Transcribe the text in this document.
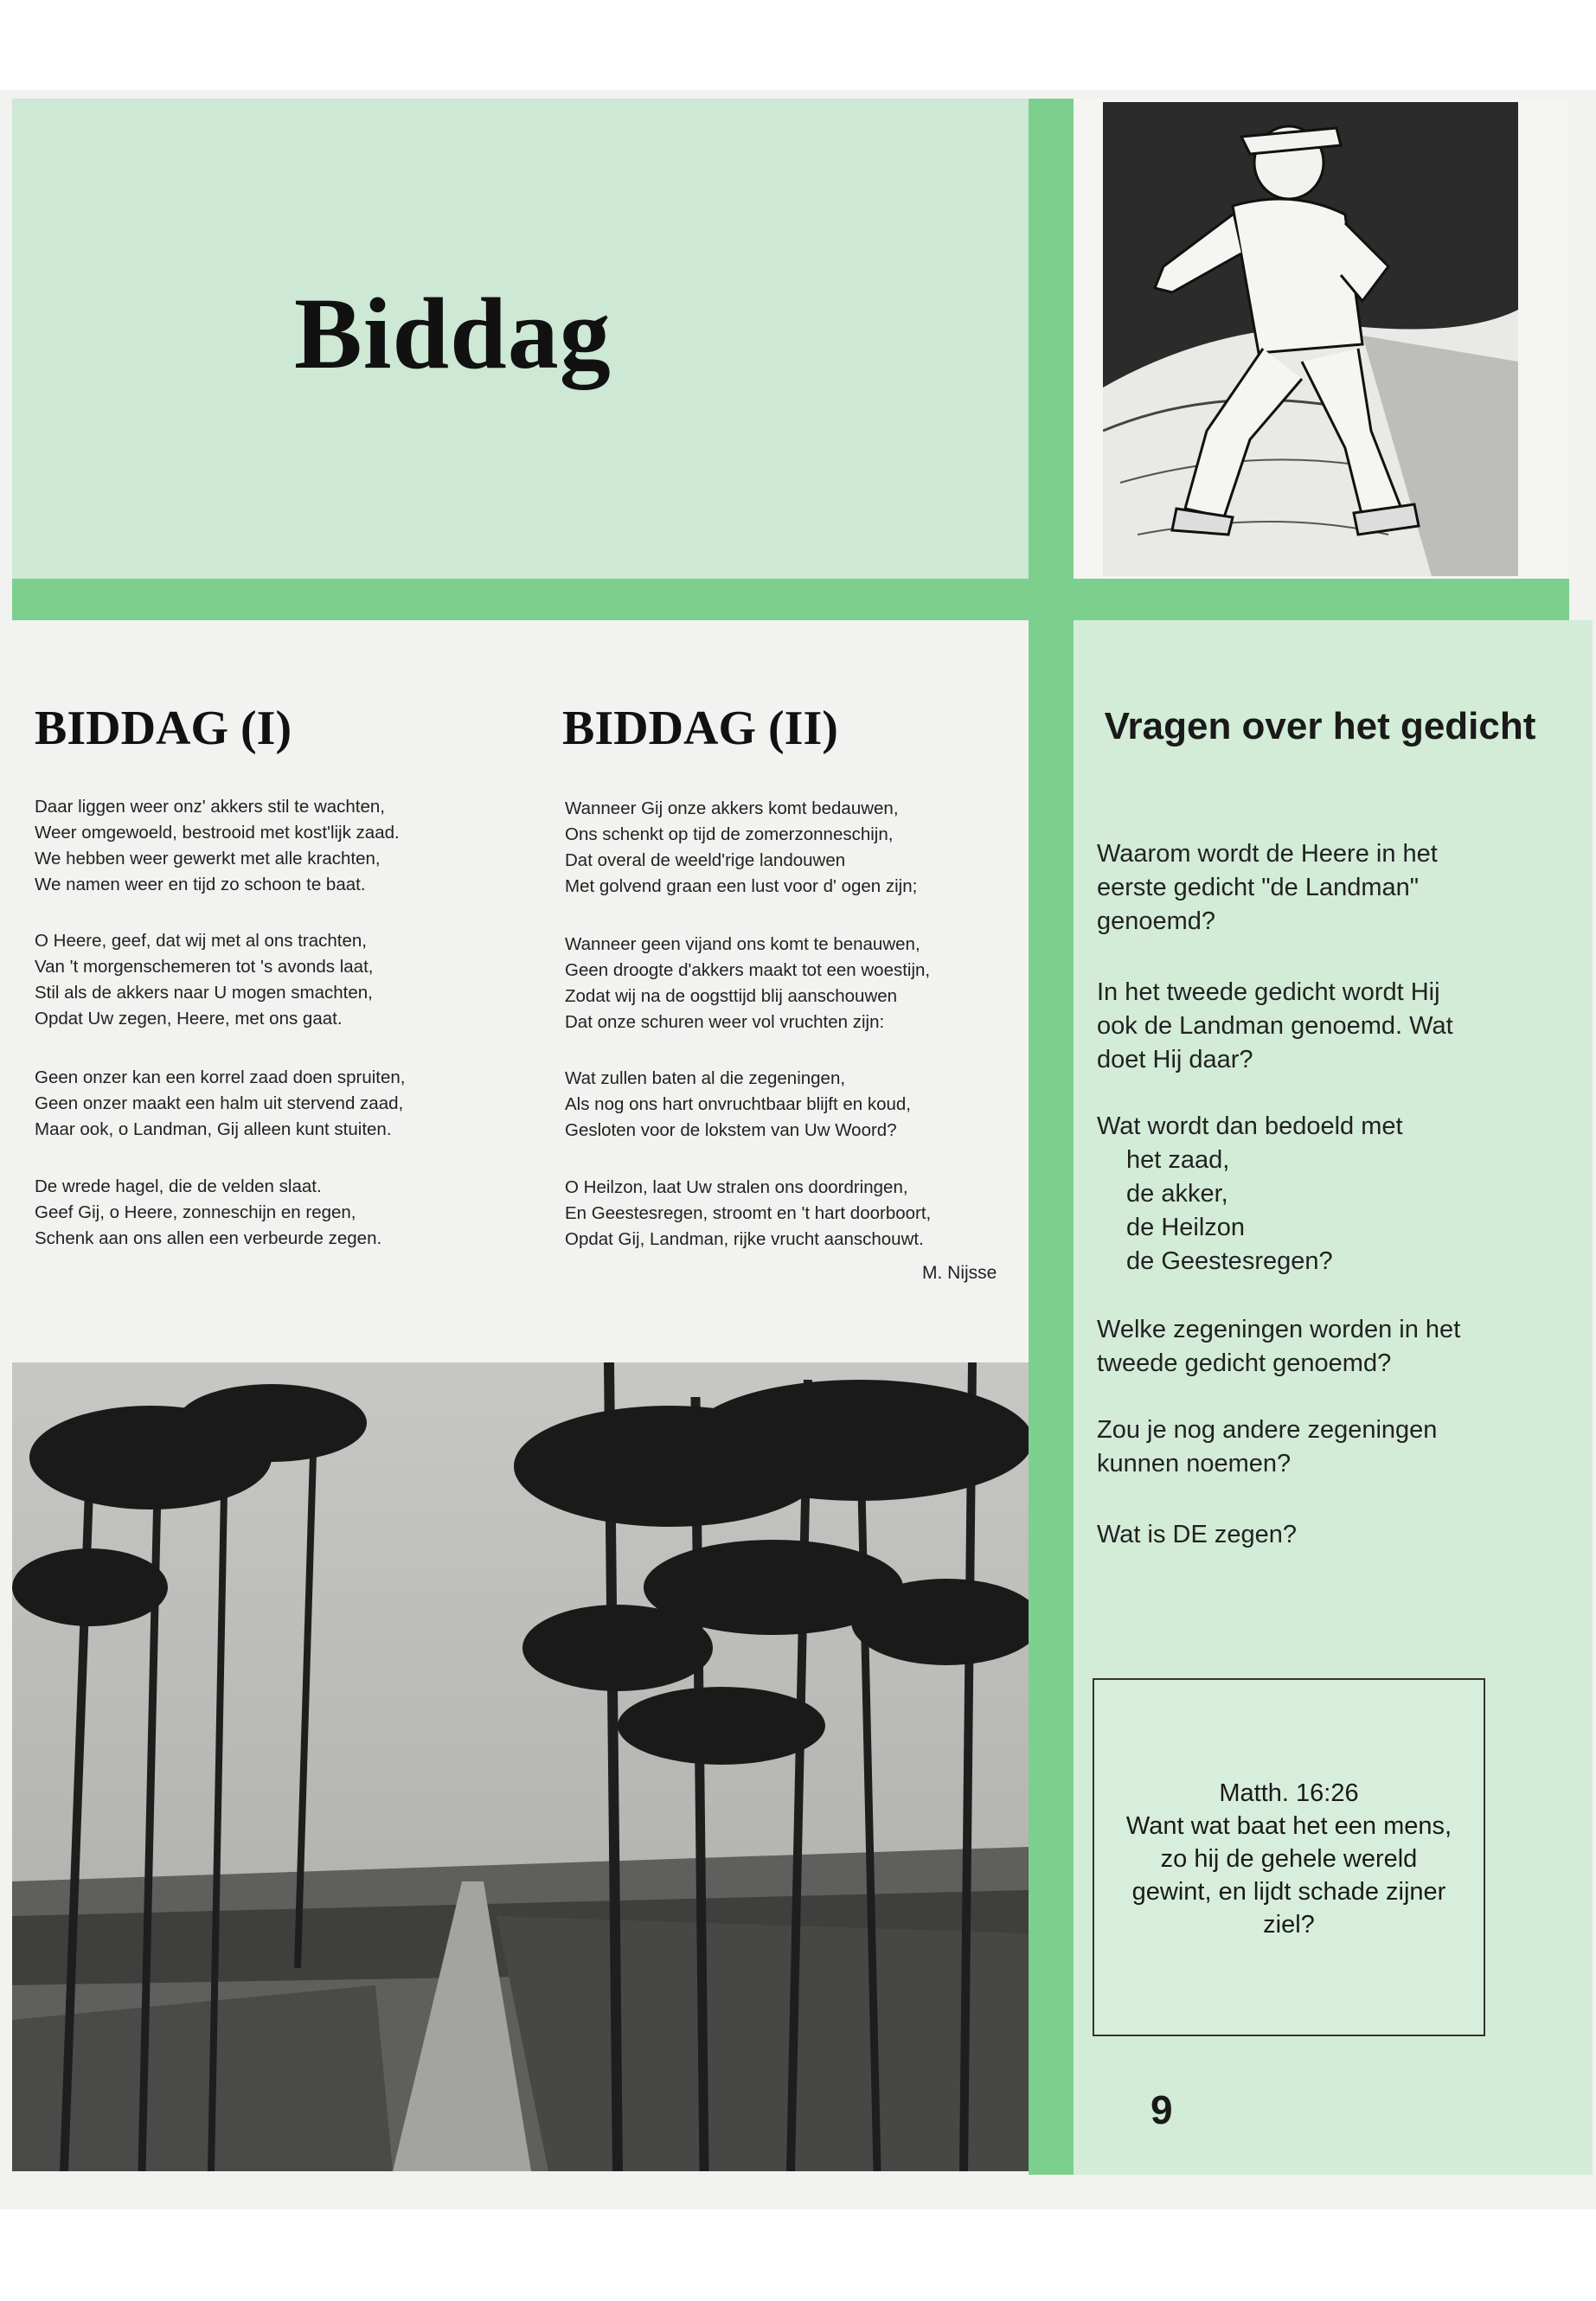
Biddag
BIDDAG (I)
Daar liggen weer onz' akkers stil te wachten,
Weer omgewoeld, bestrooid met kost'lijk zaad.
We hebben weer gewerkt met alle krachten,
We namen weer en tijd zo schoon te baat.
O Heere, geef, dat wij met al ons trachten,
Van 't morgenschemeren tot 's avonds laat,
Stil als de akkers naar U mogen smachten,
Opdat Uw zegen, Heere, met ons gaat.
Geen onzer kan een korrel zaad doen spruiten,
Geen onzer maakt een halm uit stervend zaad,
Maar ook, o Landman, Gij alleen kunt stuiten.
De wrede hagel, die de velden slaat.
Geef Gij, o Heere, zonneschijn en regen,
Schenk aan ons allen een verbeurde zegen.
BIDDAG (II)
Wanneer Gij onze akkers komt bedauwen,
Ons schenkt op tijd de zomerzonneschijn,
Dat overal de weeld'rige landouwen
Met golvend graan een lust voor d' ogen zijn;
Wanneer geen vijand ons komt te benauwen,
Geen droogte d'akkers maakt tot een woestijn,
Zodat wij na de oogsttijd blij aanschouwen
Dat onze schuren weer vol vruchten zijn:
Wat zullen baten al die zegeningen,
Als nog ons hart onvruchtbaar blijft en koud,
Gesloten voor de lokstem van Uw Woord?
O Heilzon, laat Uw stralen ons doordringen,
En Geestesregen, stroomt en 't hart doorboort,
Opdat Gij, Landman, rijke vrucht aanschouwt.
M. Nijsse
Vragen over het gedicht
Waarom wordt de Heere in het eerste gedicht "de Landman" genoemd?
In het tweede gedicht wordt Hij ook de Landman genoemd. Wat doet Hij daar?
Wat wordt dan bedoeld met
het zaad,
de akker,
de Heilzon
de Geestesregen?
Welke zegeningen worden in het tweede gedicht genoemd?
Zou je nog andere zegeningen kunnen noemen?
Wat is DE zegen?
Matth. 16:26
Want wat baat het een mens, zo hij de gehele wereld gewint, en lijdt schade zijner ziel?
9
